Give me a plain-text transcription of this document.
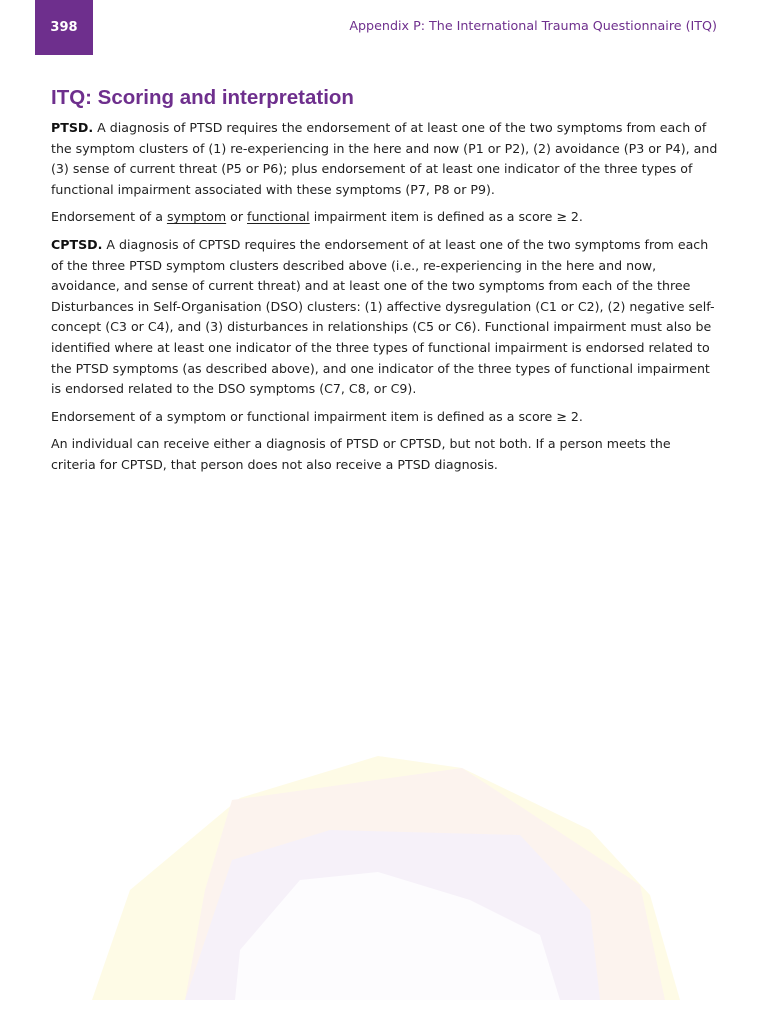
398	Appendix P: The International Trauma Questionnaire (ITQ)
ITQ: Scoring and interpretation

PTSD. A diagnosis of PTSD requires the endorsement of at least one of the two symptoms from each of the symptom clusters of (1) re-experiencing in the here and now (P1 or P2), (2) avoidance (P3 or P4), and (3) sense of current threat (P5 or P6); plus endorsement of at least one indicator of the three types of functional impairment associated with these symptoms (P7, P8 or P9).

Endorsement of a symptom or functional impairment item is defined as a score ≥ 2.

CPTSD. A diagnosis of CPTSD requires the endorsement of at least one of the two symptoms from each of the three PTSD symptom clusters described above (i.e., re-experiencing in the here and now, avoidance, and sense of current threat) and at least one of the two symptoms from each of the three Disturbances in Self-Organisation (DSO) clusters: (1) affective dysregulation (C1 or C2), (2) negative self-concept (C3 or C4), and (3) disturbances in relationships (C5 or C6). Functional impairment must also be identified where at least one indicator of the three types of functional impairment is endorsed related to the PTSD symptoms (as described above), and one indicator of the three types of functional impairment is endorsed related to the DSO symptoms (C7, C8, or C9).

Endorsement of a symptom or functional impairment item is defined as a score ≥ 2.

An individual can receive either a diagnosis of PTSD or CPTSD, but not both. If a person meets the criteria for CPTSD, that person does not also receive a PTSD diagnosis.
